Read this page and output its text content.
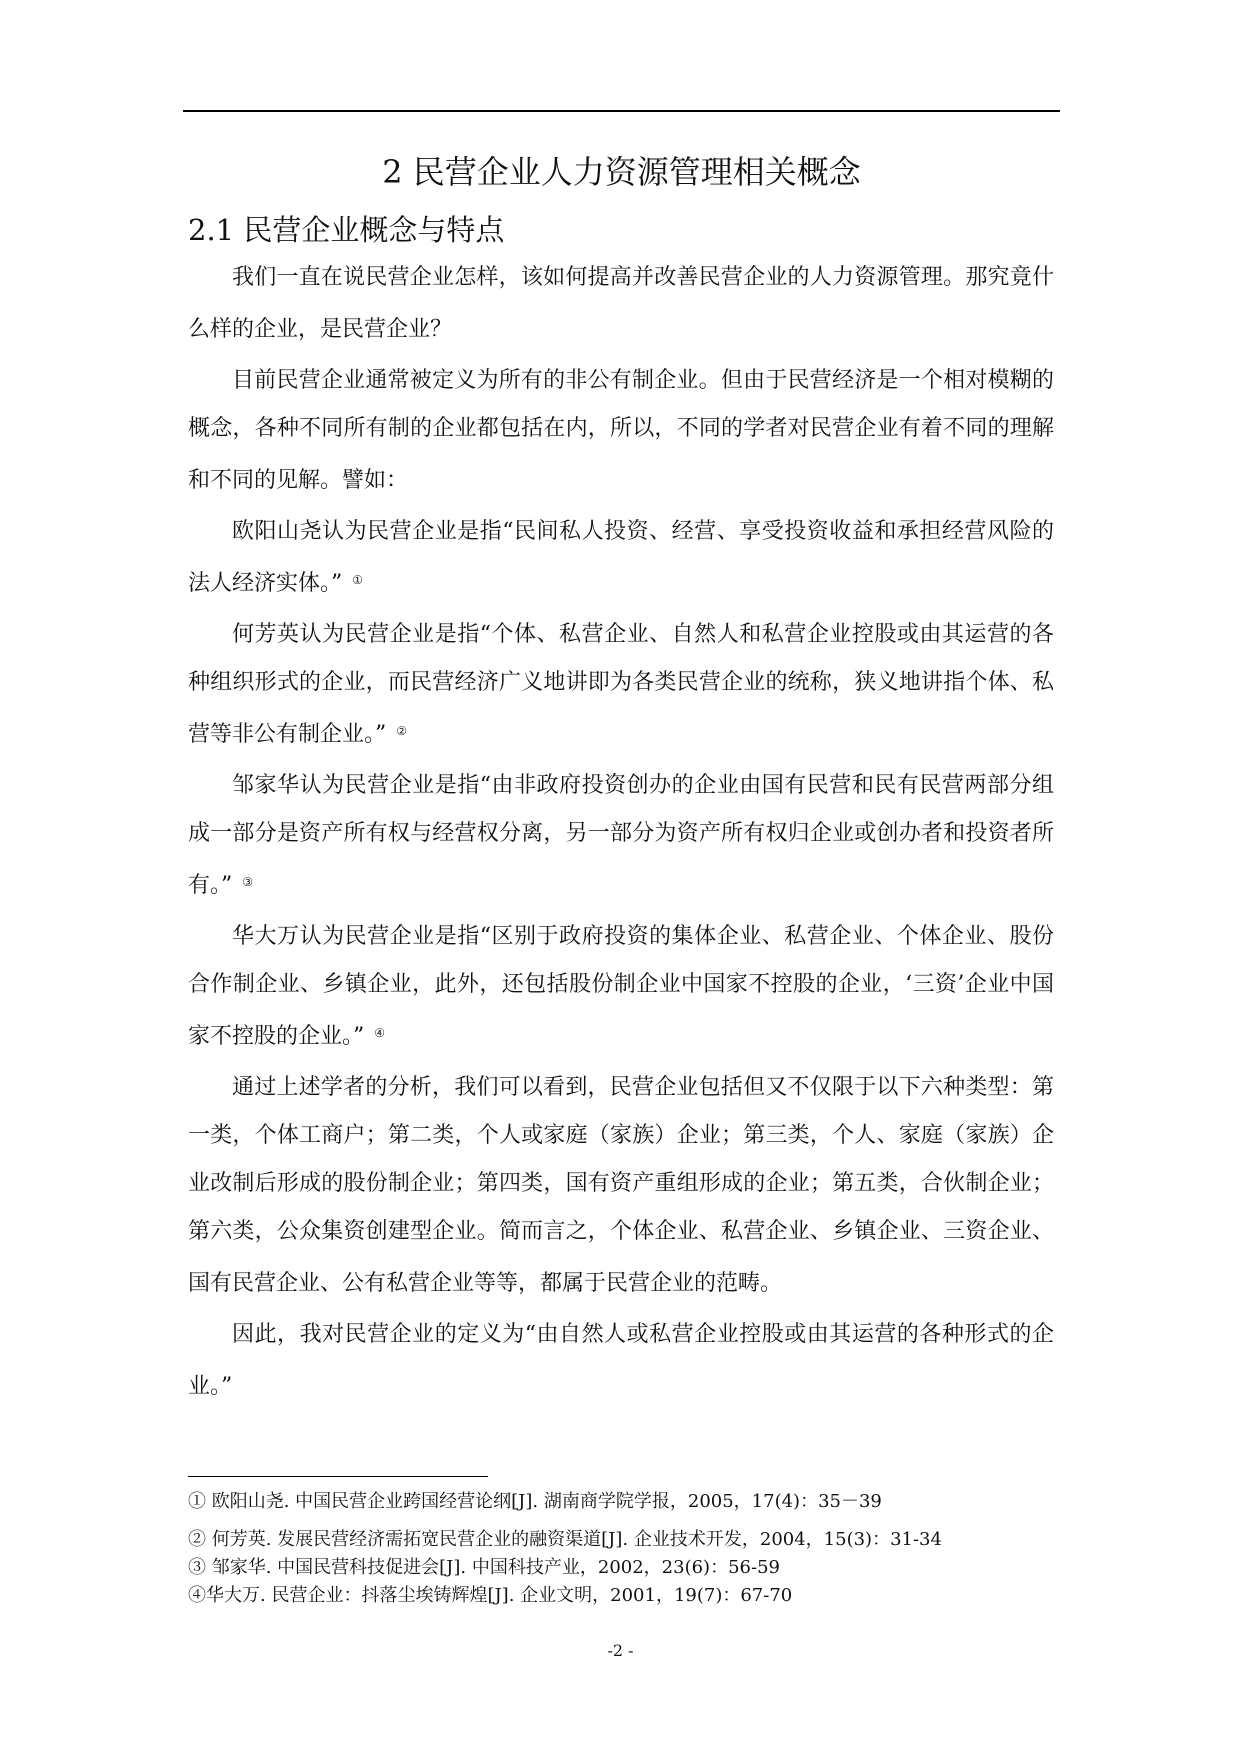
2 民营企业人力资源管理相关概念
2.1 民营企业概念与特点

我们一直在说民营企业怎样，该如何提高并改善民营企业的人力资源管理。那究竟什么样的企业，是民营企业？

目前民营企业通常被定义为所有的非公有制企业。但由于民营经济是一个相对模糊的概念，各种不同所有制的企业都包括在内，所以，不同的学者对民营企业有着不同的理解和不同的见解。譬如：

欧阳山尧认为民营企业是指“民间私人投资、经营、享受投资收益和承担经营风险的法人经济实体。” ①

何芳英认为民营企业是指“个体、私营企业、自然人和私营企业控股或由其运营的各种组织形式的企业，而民营经济广义地讲即为各类民营企业的统称，狭义地讲指个体、私营等非公有制企业。” ②

邹家华认为民营企业是指“由非政府投资创办的企业由国有民营和民有民营两部分组成一部分是资产所有权与经营权分离，另一部分为资产所有权归企业或创办者和投资者所有。” ③

华大万认为民营企业是指“区别于政府投资的集体企业、私营企业、个体企业、股份合作制企业、乡镇企业，此外，还包括股份制企业中国家不控股的企业，‘三资’企业中国家不控股的企业。” ④

通过上述学者的分析，我们可以看到，民营企业包括但又不仅限于以下六种类型：第一类，个体工商户；第二类，个人或家庭（家族）企业；第三类，个人、家庭（家族）企业改制后形成的股份制企业；第四类，国有资产重组形成的企业；第五类，合伙制企业；第六类，公众集资创建型企业。简而言之，个体企业、私营企业、乡镇企业、三资企业、国有民营企业、公有私营企业等等，都属于民营企业的范畴。

因此，我对民营企业的定义为“由自然人或私营企业控股或由其运营的各种形式的企业。”

① 欧阳山尧. 中国民营企业跨国经营论纲[J]. 湖南商学院学报，2005，17(4)：35－39
② 何芳英. 发展民营经济需拓宽民营企业的融资渠道[J]. 企业技术开发，2004，15(3)：31-34
③ 邹家华. 中国民营科技促进会[J]. 中国科技产业，2002，23(6)：56-59
④华大万. 民营企业：抖落尘埃铸辉煌[J]. 企业文明，2001，19(7)：67-70
-2 -
